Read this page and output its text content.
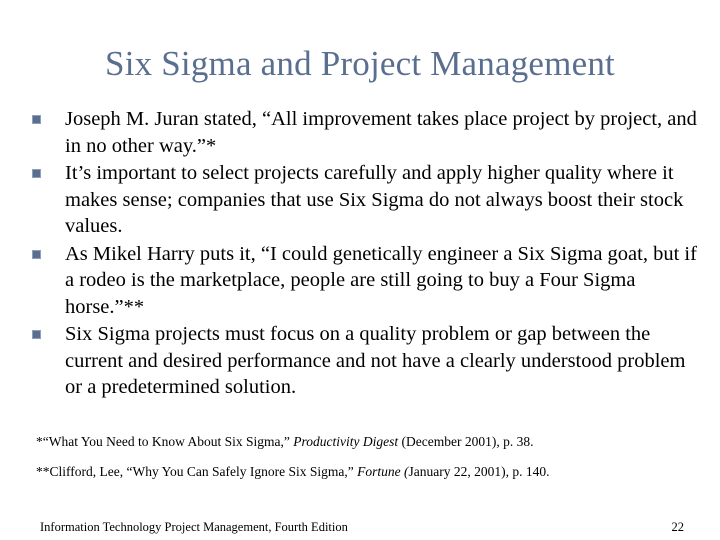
Six Sigma and Project Management
Joseph M. Juran stated, “All improvement takes place project by project, and in no other way.”*
It’s important to select projects carefully and apply higher quality where it makes sense; companies that use Six Sigma do not always boost their stock values.
As Mikel Harry puts it, “I could genetically engineer a Six Sigma goat, but if a rodeo is the marketplace, people are still going to buy a Four Sigma horse.”**
Six Sigma projects must focus on a quality problem or gap between the current and desired performance and not have a clearly understood problem or a predetermined solution.
*“What You Need to Know About Six Sigma,” Productivity Digest (December 2001), p. 38.
**Clifford, Lee, “Why You Can Safely Ignore Six Sigma,” Fortune (January 22, 2001), p. 140.
Information Technology Project Management, Fourth Edition	22
